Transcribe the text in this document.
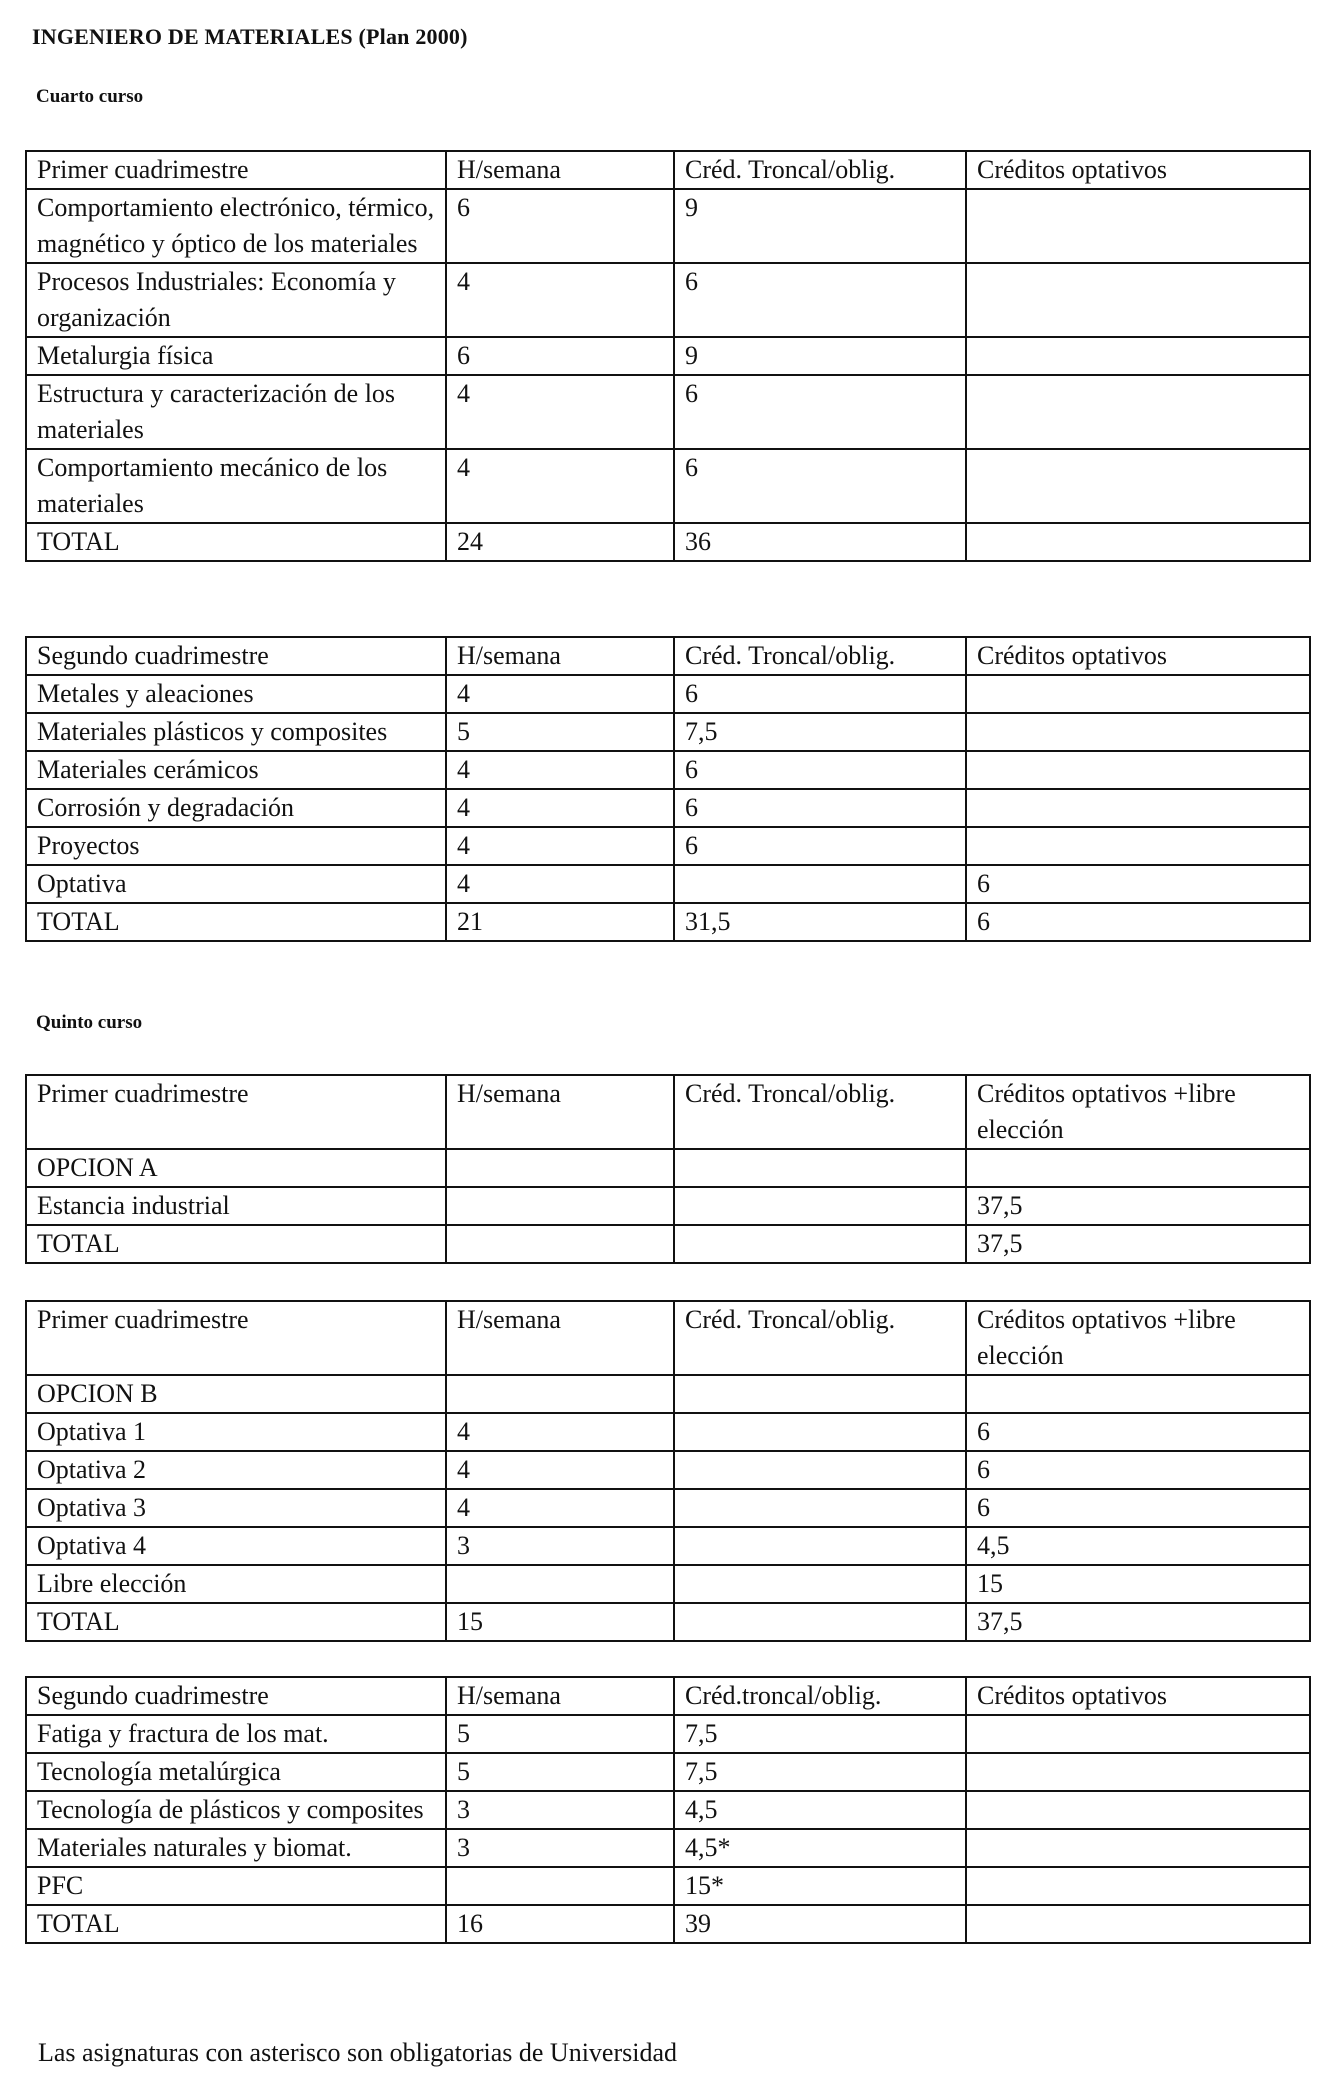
INGENIERO DE MATERIALES (Plan 2000)
Cuarto curso
Primer cuadrimestre	H/semana	Créd. Troncal/oblig.	Créditos optativos
Comportamiento electrónico, térmico, magnético y óptico de los materiales	6	9	
Procesos Industriales: Economía y organización	4	6	
Metalurgia física	6	9	
Estructura y caracterización de los materiales	4	6	
Comportamiento mecánico de los materiales	4	6	
TOTAL	24	36	
Segundo cuadrimestre	H/semana	Créd. Troncal/oblig.	Créditos optativos
Metales y aleaciones	4	6	
Materiales plásticos y composites	5	7,5	
Materiales cerámicos	4	6	
Corrosión y degradación	4	6	
Proyectos	4	6	
Optativa	4		6
TOTAL	21	31,5	6
Quinto curso
Primer cuadrimestre	H/semana	Créd. Troncal/oblig.	Créditos optativos +libre elección
OPCION A			
Estancia industrial			37,5
TOTAL			37,5
Primer cuadrimestre	H/semana	Créd. Troncal/oblig.	Créditos optativos +libre elección
OPCION B			
Optativa 1	4		6
Optativa 2	4		6
Optativa 3	4		6
Optativa 4	3		4,5
Libre elección			15
TOTAL	15		37,5
Segundo cuadrimestre	H/semana	Créd.troncal/oblig.	Créditos optativos
Fatiga y fractura de los mat.	5	7,5	
Tecnología metalúrgica	5	7,5	
Tecnología de plásticos y composites	3	4,5	
Materiales naturales y biomat.	3	4,5*	
PFC		15*	
TOTAL	16	39	
Las asignaturas con asterisco son obligatorias de Universidad
